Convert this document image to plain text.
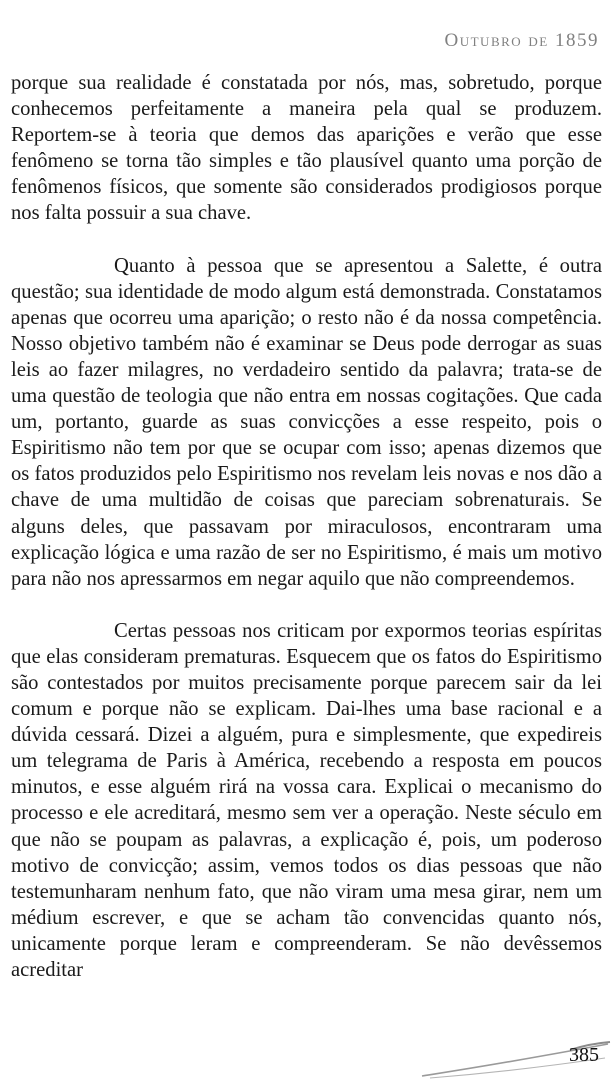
Outubro de 1859

porque sua realidade é constatada por nós, mas, sobretudo, porque conhecemos perfeitamente a maneira pela qual se produzem. Reportem-se à teoria que demos das aparições e verão que esse fenômeno se torna tão simples e tão plausível quanto uma porção de fenômenos físicos, que somente são considerados prodigiosos porque nos falta possuir a sua chave.

Quanto à pessoa que se apresentou a Salette, é outra questão; sua identidade de modo algum está demonstrada. Constatamos apenas que ocorreu uma aparição; o resto não é da nossa competência. Nosso objetivo também não é examinar se Deus pode derrogar as suas leis ao fazer milagres, no verdadeiro sentido da palavra; trata-se de uma questão de teologia que não entra em nossas cogitações. Que cada um, portanto, guarde as suas convicções a esse respeito, pois o Espiritismo não tem por que se ocupar com isso; apenas dizemos que os fatos produzidos pelo Espiritismo nos revelam leis novas e nos dão a chave de uma multidão de coisas que pareciam sobrenaturais. Se alguns deles, que passavam por miraculosos, encontraram uma explicação lógica e uma razão de ser no Espiritismo, é mais um motivo para não nos apressarmos em negar aquilo que não compreendemos.

Certas pessoas nos criticam por expormos teorias espíritas que elas consideram prematuras. Esquecem que os fatos do Espiritismo são contestados por muitos precisamente porque parecem sair da lei comum e porque não se explicam. Dai-lhes uma base racional e a dúvida cessará. Dizei a alguém, pura e simplesmente, que expedireis um telegrama de Paris à América, recebendo a resposta em poucos minutos, e esse alguém rirá na vossa cara. Explicai o mecanismo do processo e ele acreditará, mesmo sem ver a operação. Neste século em que não se poupam as palavras, a explicação é, pois, um poderoso motivo de convicção; assim, vemos todos os dias pessoas que não testemunharam nenhum fato, que não viram uma mesa girar, nem um médium escrever, e que se acham tão convencidas quanto nós, unicamente porque leram e compreenderam. Se não devêssemos acreditar

385
